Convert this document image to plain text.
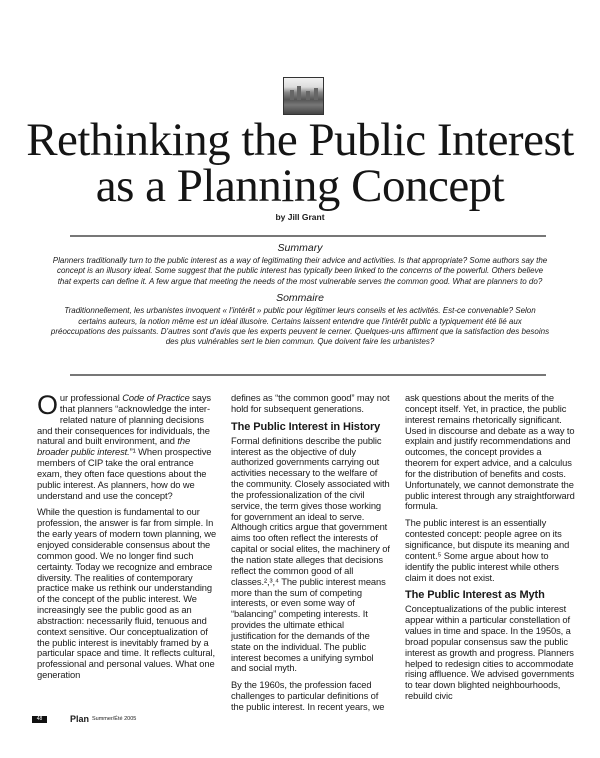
Rethinking the Public Interest
as a Planning Concept
by Jill Grant
Summary
Planners traditionally turn to the public interest as a way of legitimating their advice and activities. Is that appropriate? Some authors say the concept is an illusory ideal. Some suggest that the public interest has typically been linked to the concerns of the powerful. Others believe that experts can define it. A few argue that meeting the needs of the most vulnerable serves the common good. What are planners to do?
Sommaire
Traditionnellement, les urbanistes invoquent « l'intérêt » public pour légitimer leurs conseils et les activités. Est-ce convenable? Selon certains auteurs, la notion même est un idéal illusoire. Certains laissent entendre que l'intérêt public a typiquement été lié aux préoccupations des puissants. D'autres sont d'avis que les experts peuvent le cerner. Quelques-uns affirment que la satisfaction des besoins des plus vulnérables sert le bien commun. Que doivent faire les urbanistes?

Our professional Code of Practice says that planners “acknowledge the inter-related nature of planning decisions and their consequences for individuals, the natural and built environment, and the broader public interest.”¹ When prospective members of CIP take the oral entrance exam, they often face questions about the public interest. As planners, how do we understand and use the concept?

While the question is fundamental to our profession, the answer is far from simple. In the early years of modern town planning, we enjoyed considerable consensus about the common good. We no longer find such certainty. Today we recognize and embrace diversity. The realities of contemporary practice make us rethink our understanding of the concept of the public interest. We increasingly see the public good as an abstraction: necessarily fluid, tenuous and context sensitive. Our conceptualization of the public interest is inevitably framed by a particular space and time. It reflects cultural, professional and personal values. What one generation

defines as “the common good” may not hold for subsequent generations.

The Public Interest in History

Formal definitions describe the public interest as the objective of duly authorized governments carrying out activities necessary to the welfare of the community. Closely associated with the professionalization of the civil service, the term gives those working for government an ideal to serve. Although critics argue that government aims too often reflect the interests of capital or social elites, the machinery of the nation state alleges that decisions reflect the common good of all classes.²,³,⁴ The public interest means more than the sum of competing interests, or even some way of “balancing” competing interests. It provides the ultimate ethical justification for the demands of the state on the individual. The public interest becomes a unifying symbol and social myth.

By the 1960s, the profession faced challenges to particular definitions of the public interest. In recent years, we

ask questions about the merits of the concept itself. Yet, in practice, the public interest remains rhetorically significant. Used in discourse and debate as a way to explain and justify recommendations and outcomes, the concept provides a theorem for expert advice, and a calculus for the distribution of benefits and costs. Unfortunately, we cannot demonstrate the public interest through any straightforward formula.

The public interest is an essentially contested concept: people agree on its significance, but dispute its meaning and content.⁵ Some argue about how to identify the public interest while others claim it does not exist.

The Public Interest as Myth

Conceptualizations of the public interest appear within a particular constellation of values in time and space. In the 1950s, a broad popular consensus saw the public interest as growth and progress. Planners helped to redesign cities to accommodate rising affluence. We advised governments to tear down blighted neighbourhoods, rebuild civic

48	Plan Summer/Été 2005
